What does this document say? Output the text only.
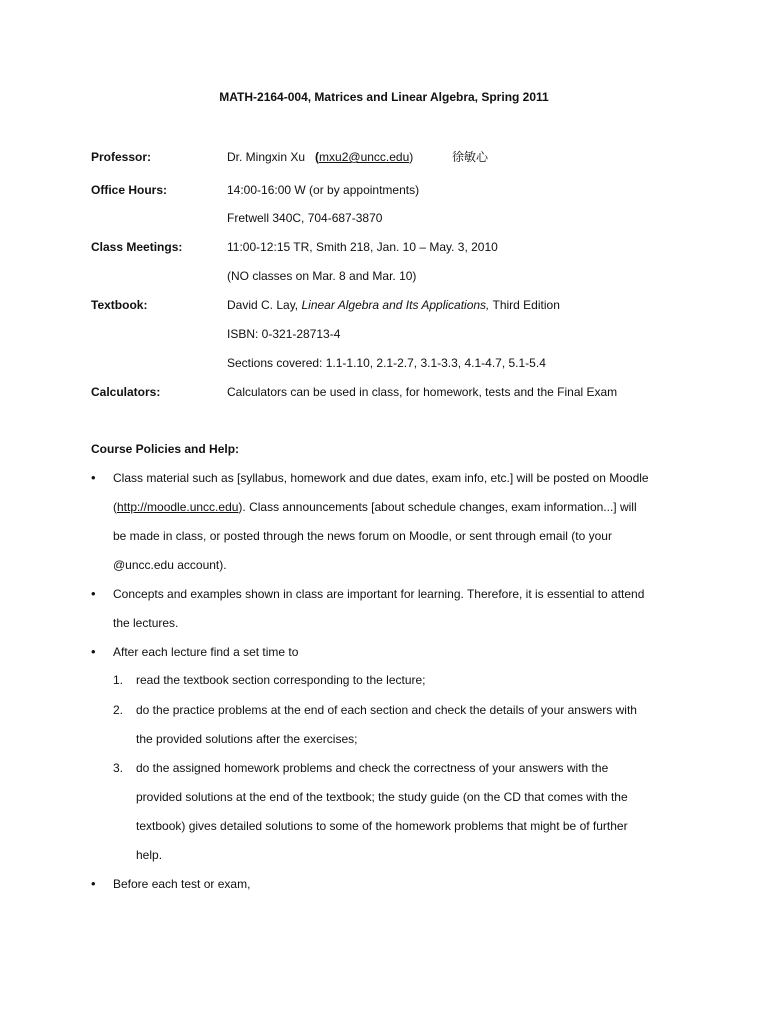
MATH-2164-004, Matrices and Linear Algebra, Spring 2011
Professor:	Dr. Mingxin Xu (mxu2@uncc.edu)	徐敏心
Office Hours:	14:00-16:00 W (or by appointments)
Fretwell 340C, 704-687-3870
Class Meetings:	11:00-12:15 TR, Smith 218, Jan. 10 – May. 3, 2010
(NO classes on Mar. 8 and Mar. 10)
Textbook:	David C. Lay, Linear Algebra and Its Applications, Third Edition
ISBN: 0-321-28713-4
Sections covered: 1.1-1.10, 2.1-2.7, 3.1-3.3, 4.1-4.7, 5.1-5.4
Calculators:	Calculators can be used in class, for homework, tests and the Final Exam
Course Policies and Help:
•	Class material such as [syllabus, homework and due dates, exam info, etc.] will be posted on Moodle
(http://moodle.uncc.edu). Class announcements [about schedule changes, exam information...] will
be made in class, or posted through the news forum on Moodle, or sent through email (to your
@uncc.edu account).
•	Concepts and examples shown in class are important for learning. Therefore, it is essential to attend
the lectures.
•	After each lecture find a set time to
1. read the textbook section corresponding to the lecture;
2. do the practice problems at the end of each section and check the details of your answers with
the provided solutions after the exercises;
3. do the assigned homework problems and check the correctness of your answers with the
provided solutions at the end of the textbook; the study guide (on the CD that comes with the
textbook) gives detailed solutions to some of the homework problems that might be of further
help.
•	Before each test or exam,
